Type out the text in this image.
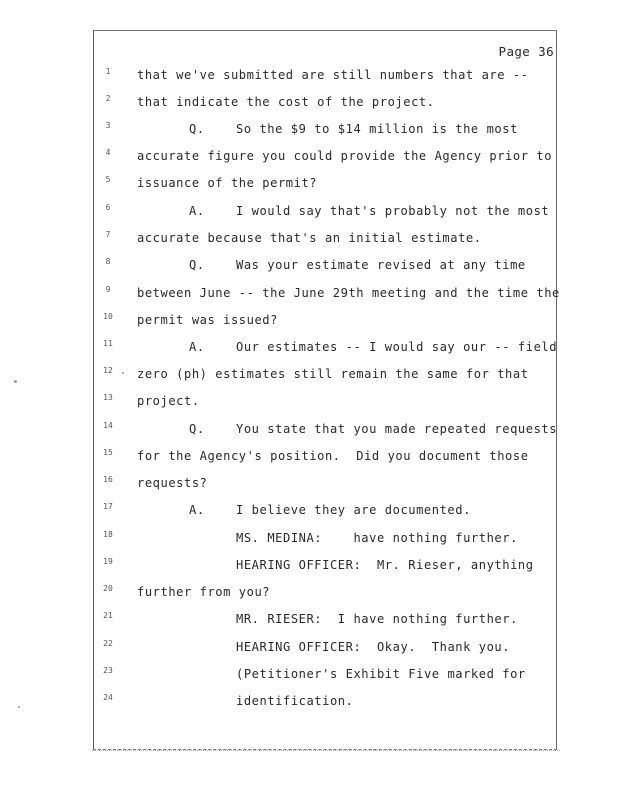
Page 36
1	that we've submitted are still numbers that are --
2	that indicate the cost of the project.
3	Q.    So the $9 to $14 million is the most
4	accurate figure you could provide the Agency prior to
5	issuance of the permit?
6	A.    I would say that's probably not the most
7	accurate because that's an initial estimate.
8	Q.    Was your estimate revised at any time
9	between June -- the June 29th meeting and the time the
10 permit was issued?
11	A.    Our estimates -- I would say our -- field
12 zero (ph) estimates still remain the same for that
13 project.
14	Q.    You state that you made repeated requests
15 for the Agency's position.  Did you document those
16 requests?
17	A.    I believe they are documented.
18	MS. MEDINA:    have nothing further.
19	HEARING OFFICER:  Mr. Rieser, anything
20 further from you?
21	MR. RIESER:  I have nothing further.
22	HEARING OFFICER:  Okay.  Thank you.
23	(Petitioner's Exhibit Five marked for
24	identification.
